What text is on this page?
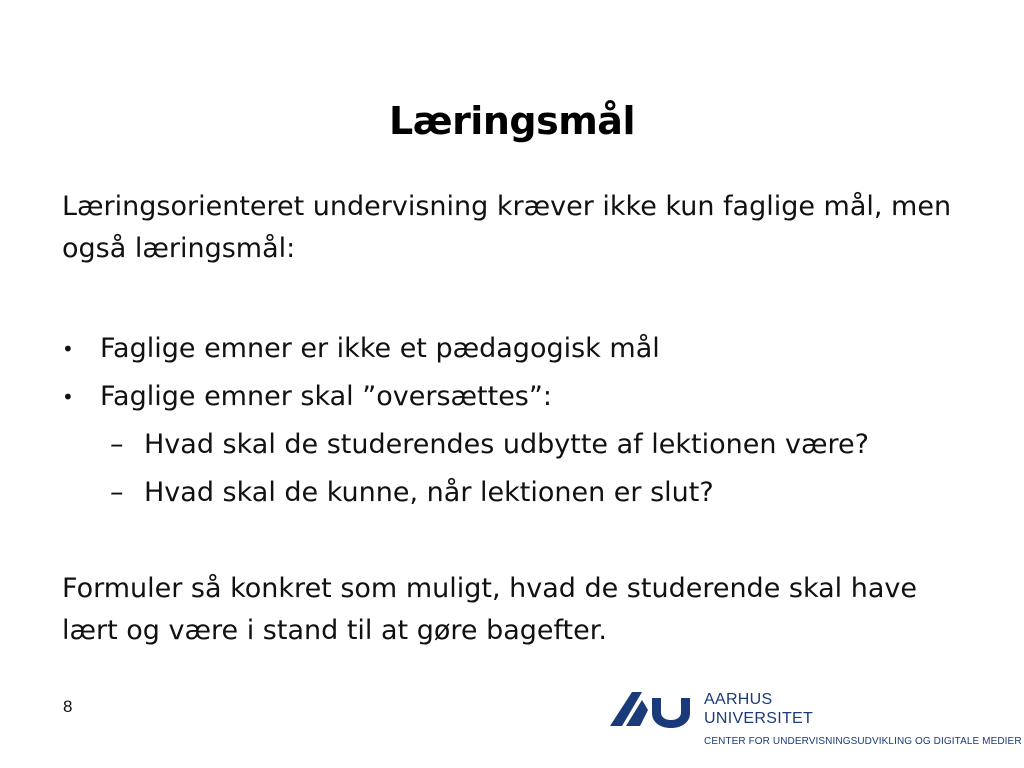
Læringsmål

Læringsorienteret undervisning kræver ikke kun faglige mål, men også læringsmål:

• Faglige emner er ikke et pædagogisk mål
• Faglige emner skal ”oversættes”:
– Hvad skal de studerendes udbytte af lektionen være?
– Hvad skal de kunne, når lektionen er slut?

Formuler så konkret som muligt, hvad de studerende skal have lært og være i stand til at gøre bagefter.

8	AARHUS
UNIVERSITET
CENTER FOR UNDERVISNINGSUDVIKLING OG DIGITALE MEDIER
